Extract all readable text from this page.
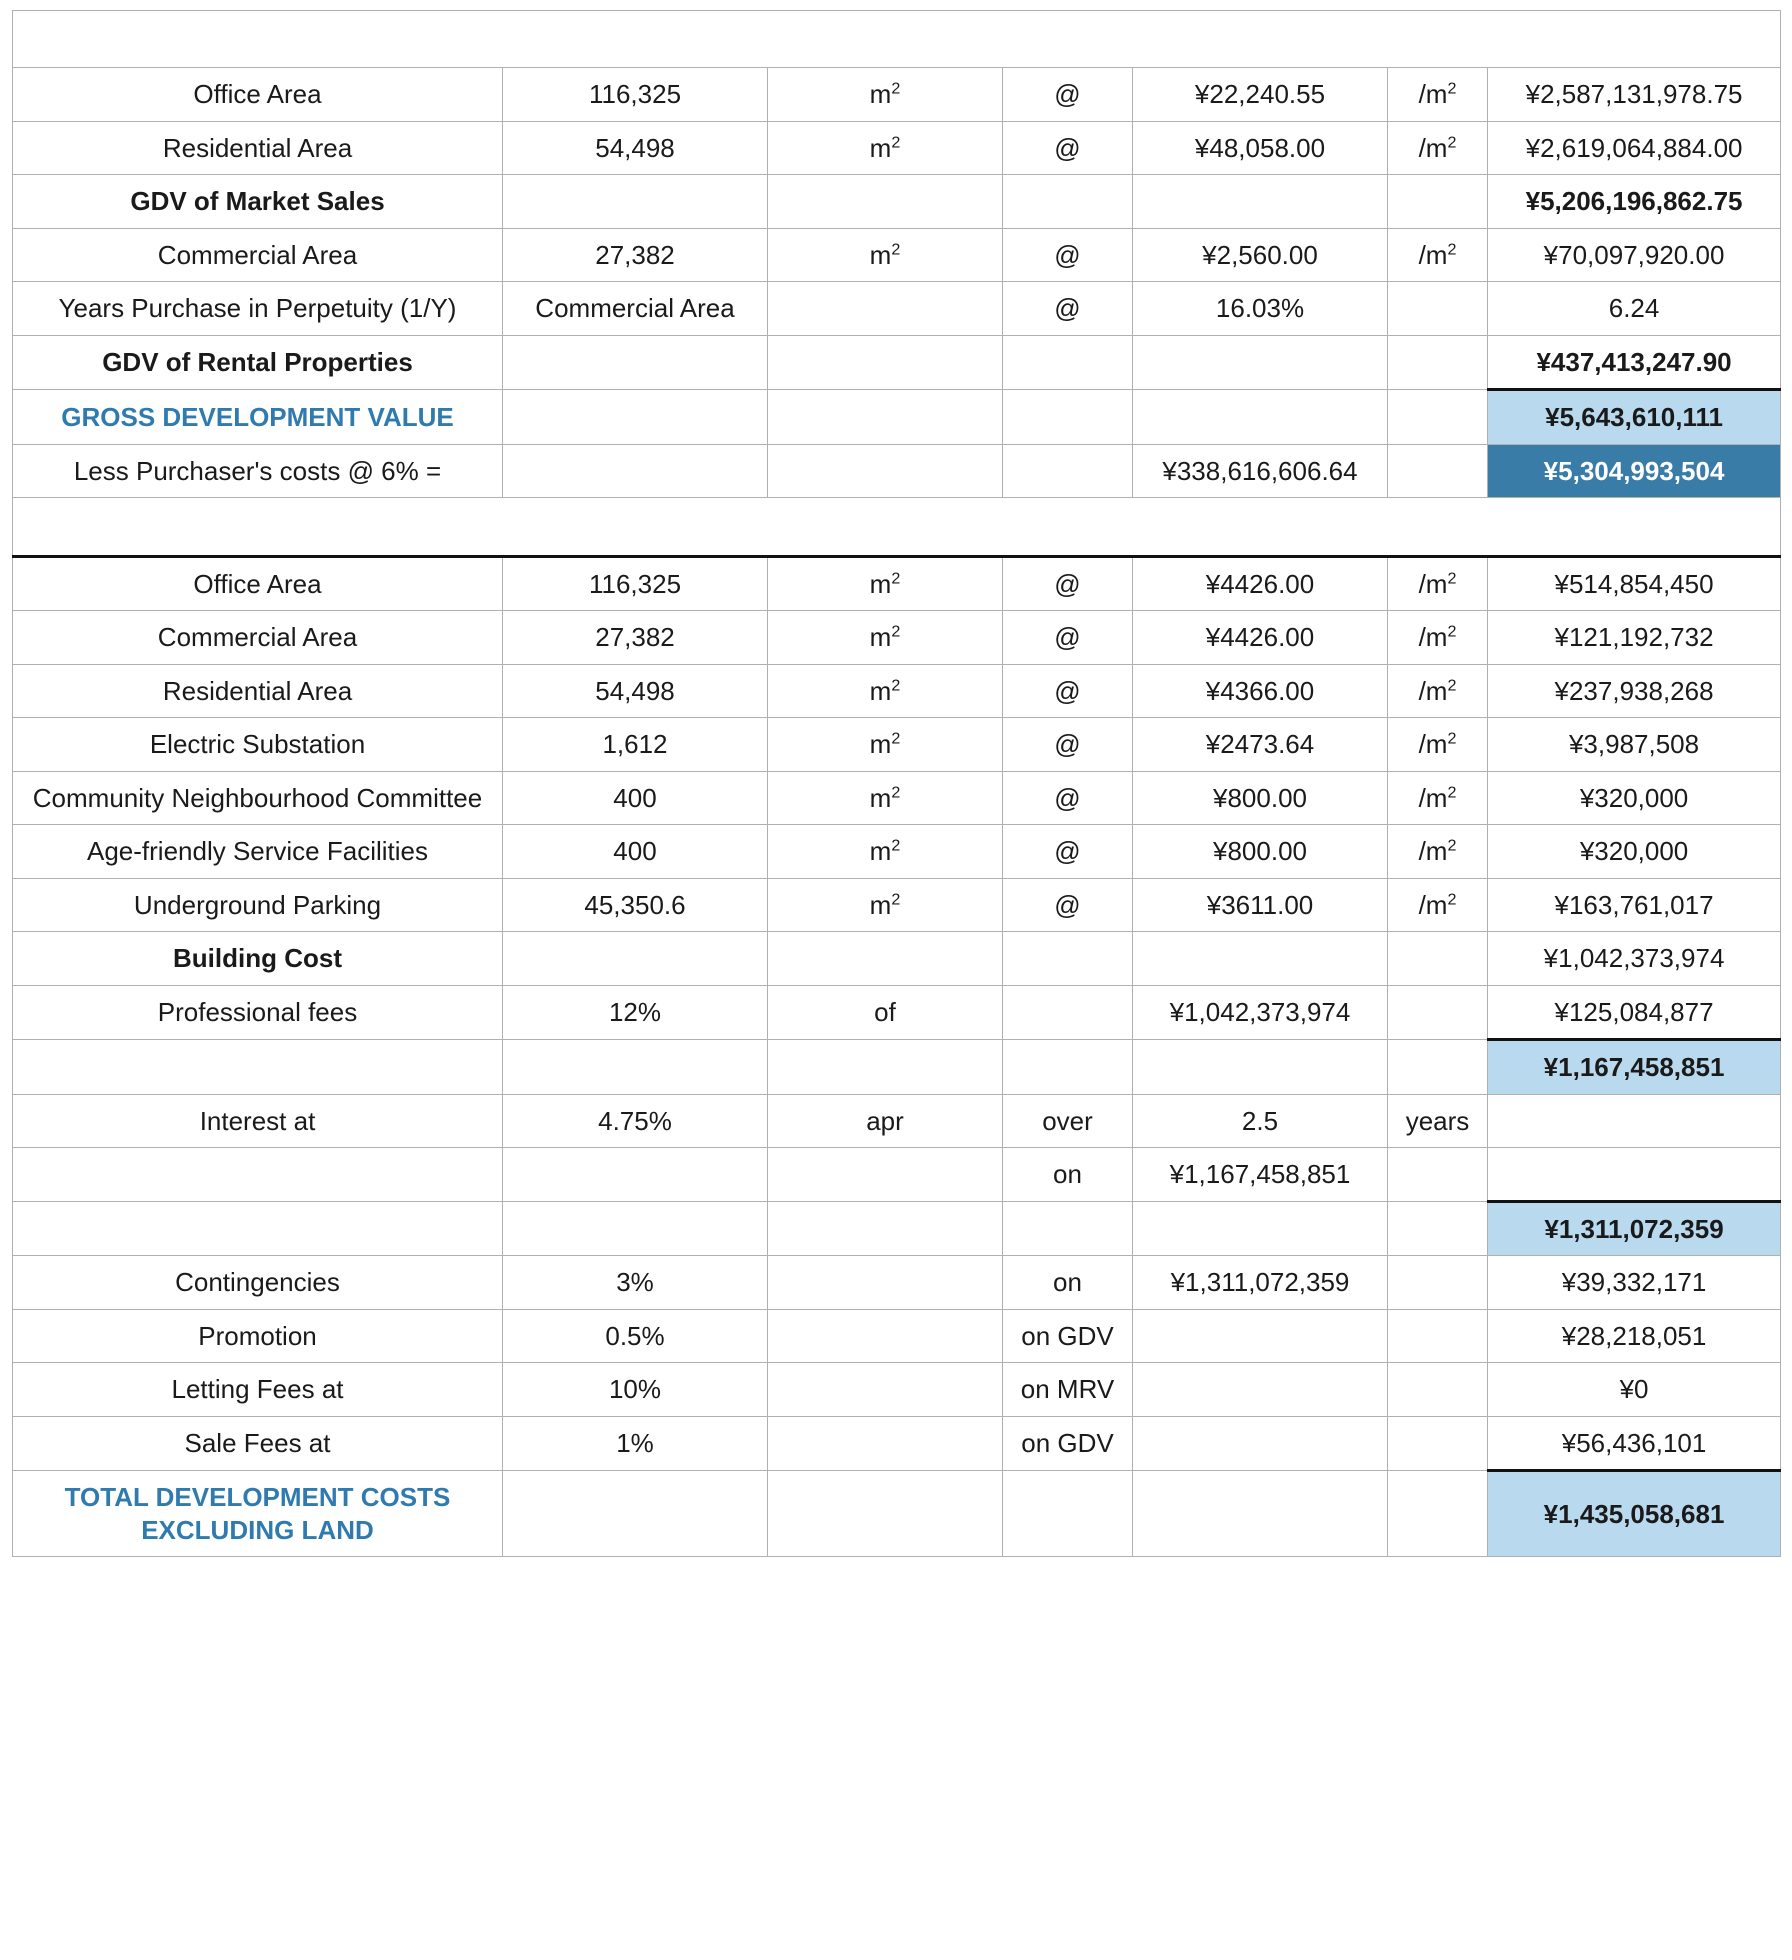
Gross Development Value						
Office Area	116,325	$m^2$	@	¥22,240.55	$/m^2$	¥2,587,131,978.75
Residential Area	54,498	$m^2$	@	¥48,058.00	$/m^2$	¥2,619,064,884.00
GDV of Market Sales						¥5,206,196,862.75
Commercial Area	27,382	$m^2$	@	¥2,560.00	$/m^2$	¥70,097,920.00
Years Purchase in Perpetuity (1/Y)	Commercial Area		@	16.03%		6.24
GDV of Rental Properties						¥437,413,247.90
GROSS DEVELOPMENT VALUE						¥5,643,610,111
Less Purchaser's costs @ 6% =				¥338,616,606.64		¥5,304,993,504
Development Costs						
Office Area	116,325	$m^2$	@	¥4426.00	$/m^2$	¥514,854,450
Commercial Area	27,382	$m^2$	@	¥4426.00	$/m^2$	¥121,192,732
Residential Area	54,498	$m^2$	@	¥4366.00	$/m^2$	¥237,938,268
Electric Substation	1,612	$m^2$	@	¥2473.64	$/m^2$	¥3,987,508
Community Neighbourhood Committee	400	$m^2$	@	¥800.00	$/m^2$	¥320,000
Age-friendly Service Facilities	400	$m^2$	@	¥800.00	$/m^2$	¥320,000
Underground Parking	45,350.6	$m^2$	@	¥3611.00	$/m^2$	¥163,761,017
Building Cost						¥1,042,373,974
Professional fees	12%	of		¥1,042,373,974		¥125,084,877
						¥1,167,458,851
Interest at	4.75%	apr	over	2.5	years	
			on	¥1,167,458,851		
						¥1,311,072,359
Contingencies	3%		on	¥1,311,072,359		¥39,332,171
Promotion	0.5%		on GDV			¥28,218,051
Letting Fees at	10%		on MRV			¥0
Sale Fees at	1%		on GDV			¥56,436,101
TOTAL DEVELOPMENT COSTS EXCLUDING LAND						¥1,435,058,681
